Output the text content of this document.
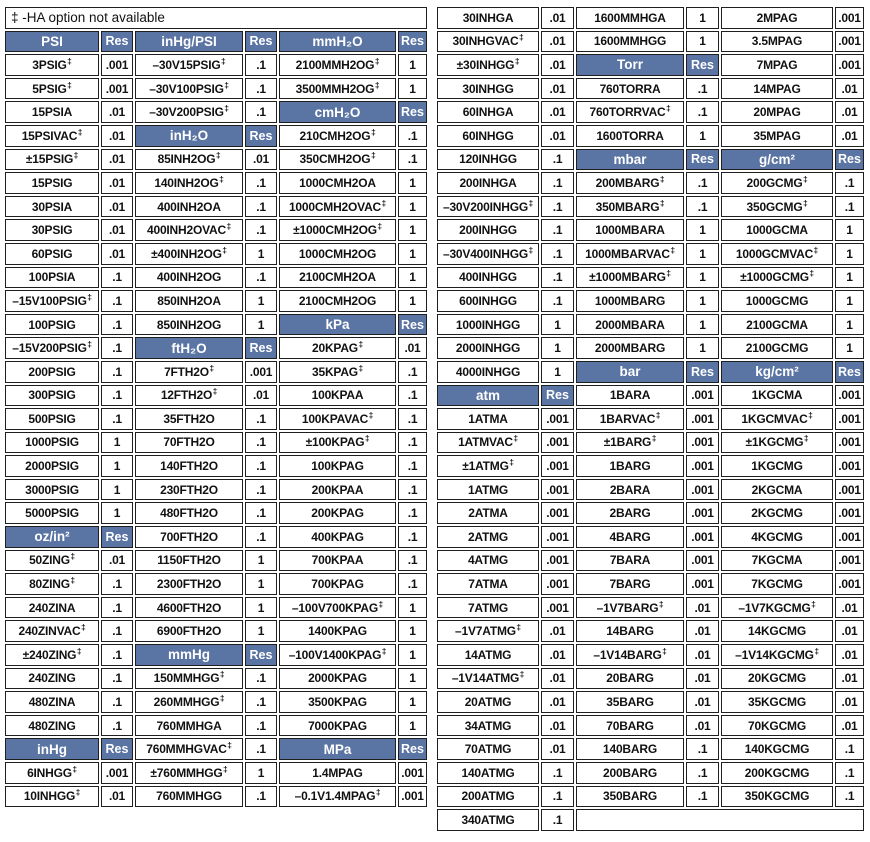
‡ -HA option not available					
PSI	Res	inHg/PSI	Res	mmH₂O	Res
3PSIG‡	.001	–30V15PSIG‡	.1	2100MMH2OG‡	1
5PSIG‡	.001	–30V100PSIG‡	.1	3500MMH2OG‡	1
15PSIA	.01	–30V200PSIG‡	.1	cmH₂O	Res
15PSIVAC‡	.01	inH₂O	Res	210CMH2OG‡	.1
±15PSIG‡	.01	85INH2OG‡	.01	350CMH2OG‡	.1
15PSIG	.01	140INH2OG‡	.1	1000CMH2OA	1
30PSIA	.01	400INH2OA	.1	1000CMH2OVAC‡	1
30PSIG	.01	400INH2OVAC‡	.1	±1000CMH2OG‡	1
60PSIG	.01	±400INH2OG‡	1	1000CMH2OG	1
100PSIA	.1	400INH2OG	.1	2100CMH2OA	1
–15V100PSIG‡	.1	850INH2OA	1	2100CMH2OG	1
100PSIG	.1	850INH2OG	1	kPa	Res
–15V200PSIG‡	.1	ftH₂O	Res	20KPAG‡	.01
200PSIG	.1	7FTH2O‡	.001	35KPAG‡	.1
300PSIG	.1	12FTH2O‡	.01	100KPAA	.1
500PSIG	.1	35FTH2O	.1	100KPAVAC‡	.1
1000PSIG	1	70FTH2O	.1	±100KPAG‡	.1
2000PSIG	1	140FTH2O	.1	100KPAG	.1
3000PSIG	1	230FTH2O	.1	200KPAA	.1
5000PSIG	1	480FTH2O	.1	200KPAG	.1
oz/in²	Res	700FTH2O	.1	400KPAG	.1
50ZING‡	.01	1150FTH2O	1	700KPAA	.1
80ZING‡	.1	2300FTH2O	1	700KPAG	.1
240ZINA	.1	4600FTH2O	1	–100V700KPAG‡	1
240ZINVAC‡	.1	6900FTH2O	1	1400KPAG	1
±240ZING‡	.1	mmHg	Res	–100V1400KPAG‡	1
240ZING	.1	150MMHGG‡	.1	2000KPAG	1
480ZINA	.1	260MMHGG‡	.1	3500KPAG	1
480ZING	.1	760MMHGA	.1	7000KPAG	1
inHg	Res	760MMHGVAC‡	.1	MPa	Res
6INHGG‡	.001	±760MMHGG‡	1	1.4MPAG	.001
10INHGG‡	.01	760MMHGG	.1	–0.1V1.4MPAG‡	.001
30INHGA	.01	1600MMHGA	1	2MPAG	.001
30INHGVAC‡	.01	1600MMHGG	1	3.5MPAG	.001
±30INHGG‡	.01	Torr	Res	7MPAG	.001
30INHGG	.01	760TORRA	.1	14MPAG	.01
60INHGA	.01	760TORRVAC‡	.1	20MPAG	.01
60INHGG	.01	1600TORRA	1	35MPAG	.01
120INHGG	.1	mbar	Res	g/cm²	Res
200INHGA	.1	200MBARG‡	.1	200GCMG‡	.1
–30V200INHGG‡	.1	350MBARG‡	.1	350GCMG‡	.1
200INHGG	.1	1000MBARA	1	1000GCMA	1
–30V400INHGG‡	.1	1000MBARVAC‡	1	1000GCMVAC‡	1
400INHGG	.1	±1000MBARG‡	1	±1000GCMG‡	1
600INHGG	.1	1000MBARG	1	1000GCMG	1
1000INHGG	1	2000MBARA	1	2100GCMA	1
2000INHGG	1	2000MBARG	1	2100GCMG	1
4000INHGG	1	bar	Res	kg/cm²	Res
atm	Res	1BARA	.001	1KGCMA	.001
1ATMA	.001	1BARVAC‡	.001	1KGCMVAC‡	.001
1ATMVAC‡	.001	±1BARG‡	.001	±1KGCMG‡	.001
±1ATMG‡	.001	1BARG	.001	1KGCMG	.001
1ATMG	.001	2BARA	.001	2KGCMA	.001
2ATMA	.001	2BARG	.001	2KGCMG	.001
2ATMG	.001	4BARG	.001	4KGCMG	.001
4ATMG	.001	7BARA	.001	7KGCMA	.001
7ATMA	.001	7BARG	.001	7KGCMG	.001
7ATMG	.001	–1V7BARG‡	.01	–1V7KGCMG‡	.01
–1V7ATMG‡	.01	14BARG	.01	14KGCMG	.01
14ATMG	.01	–1V14BARG‡	.01	–1V14KGCMG‡	.01
–1V14ATMG‡	.01	20BARG	.01	20KGCMG	.01
20ATMG	.01	35BARG	.01	35KGCMG	.01
34ATMG	.01	70BARG	.01	70KGCMG	.01
70ATMG	.01	140BARG	.1	140KGCMG	.1
140ATMG	.1	200BARG	.1	200KGCMG	.1
200ATMG	.1	350BARG	.1	350KGCMG	.1
340ATMG	.1				
